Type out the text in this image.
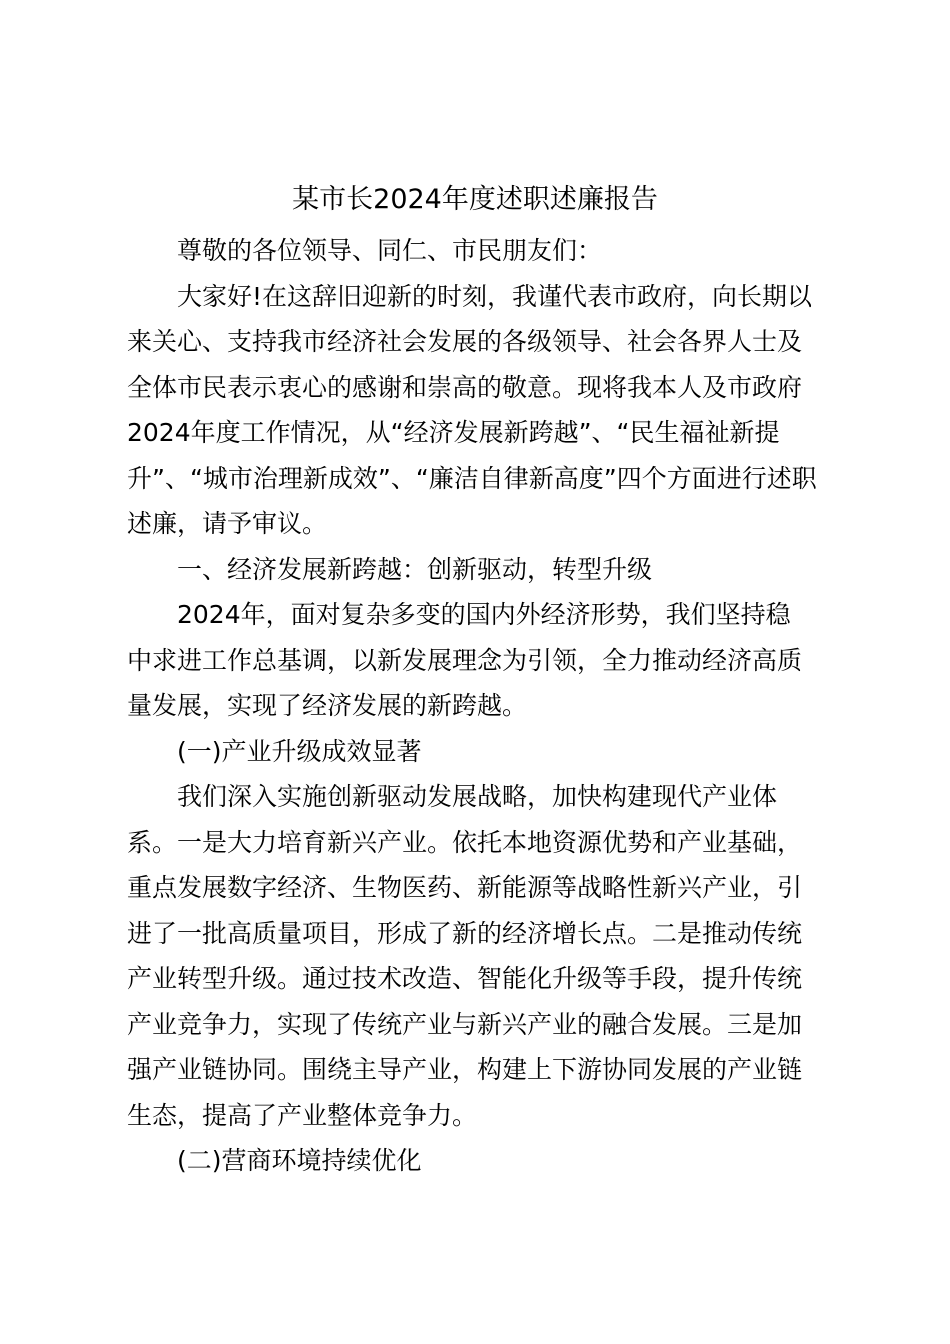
某市长2024年度述职述廉报告
尊敬的各位领导、同仁、市民朋友们：
大家好!在这辞旧迎新的时刻，我谨代表市政府，向长期以
来关心、支持我市经济社会发展的各级领导、社会各界人士及
全体市民表示衷心的感谢和崇高的敬意。现将我本人及市政府
2024年度工作情况，从“经济发展新跨越”、“民生福祉新提
升”、“城市治理新成效”、“廉洁自律新高度”四个方面进行述职
述廉，请予审议。
一、经济发展新跨越：创新驱动，转型升级
2024年，面对复杂多变的国内外经济形势，我们坚持稳
中求进工作总基调，以新发展理念为引领，全力推动经济高质
量发展，实现了经济发展的新跨越。
(一)产业升级成效显著
我们深入实施创新驱动发展战略，加快构建现代产业体
系。一是大力培育新兴产业。依托本地资源优势和产业基础，
重点发展数字经济、生物医药、新能源等战略性新兴产业，引
进了一批高质量项目，形成了新的经济增长点。二是推动传统
产业转型升级。通过技术改造、智能化升级等手段，提升传统
产业竞争力，实现了传统产业与新兴产业的融合发展。三是加
强产业链协同。围绕主导产业，构建上下游协同发展的产业链
生态，提高了产业整体竞争力。
(二)营商环境持续优化
